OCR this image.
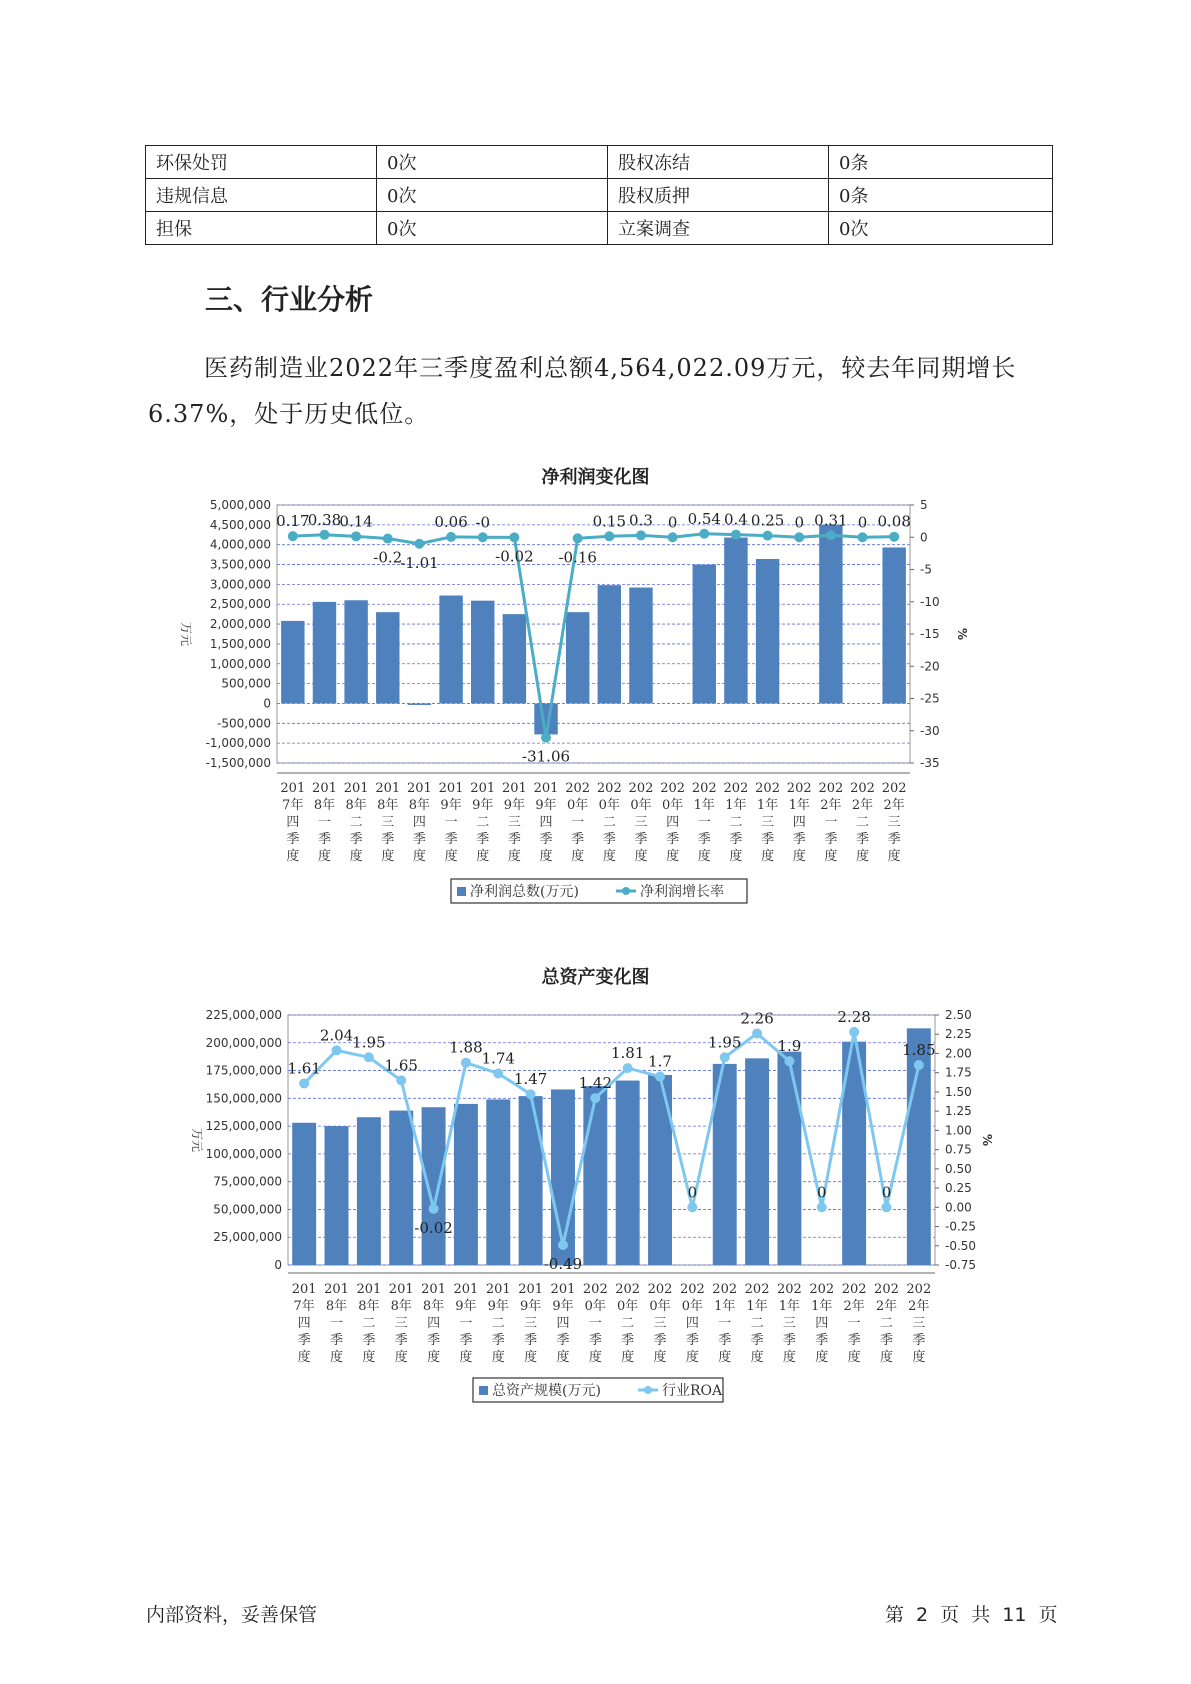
环保处罚	0次	股权冻结	0条
违规信息	0次	股权质押	0条
担保	0次	立案调查	0次
三、行业分析
医药制造业2022年三季度盈利总额4,564,022.09万元，较去年同期增长6.37%，处于历史低位。
净利润变化图
5,000,000
4,500,000
4,000,000
3,500,000
3,000,000
2,500,000
2,000,000
1,500,000
1,000,000
500,000
0
-500,000
-1,000,000
-1,500,000
5
0
-5
-10
-15
-20
-25
-30
-35
万元	%
0.17
0.38
0.14
-0.2
-1.01
0.06 -0
-0.02
-31.06
-0.16
0.15 0.3 0 0.54 0.4 0.25 0 0.31 0 0.08
201
7年
四
季
度
201
8年
一
季
度
201
8年
二
季
度
201
8年
三
季
度
201
8年
四
季
度
201
9年
一
季
度
201
9年
二
季
度
201
9年
三
季
度
201
9年
四
季
度
202
0年
一
季
度
202
0年
二
季
度
202
0年
三
季
度
202
0年
四
季
度
202
1年
一
季
度
202
1年
二
季
度
202
1年
三
季
度
202
1年
四
季
度
202
2年
一
季
度
202
2年
二
季
度
202
2年
三
季
度
净利润总数(万元)	净利润增长率
总资产变化图
225,000,000
200,000,000
175,000,000
150,000,000
125,000,000
100,000,000
75,000,000
50,000,000
25,000,000
0
2.50
2.25
2.00
1.75
1.50
1.25
1.00
0.75
0.50
0.25
0.00
-0.25
-0.50
-0.75
万元	%
1.61
2.04
1.95
1.65
-0.02
1.88
1.74
1.47
-0.49
1.42
1.81 1.7
0
1.95
2.26
1.9
0
2.28
0
1.85
201
7年
四
季
度
201
8年
一
季
度
201
8年
二
季
度
201
8年
三
季
度
201
8年
四
季
度
201
9年
一
季
度
201
9年
二
季
度
201
9年
三
季
度
201
9年
四
季
度
202
0年
一
季
度
202
0年
二
季
度
202
0年
三
季
度
202
0年
四
季
度
202
1年
一
季
度
202
1年
二
季
度
202
1年
三
季
度
202
1年
四
季
度
202
2年
一
季
度
202
2年
二
季
度
202
2年
三
季
度
总资产规模(万元)	行业ROA
内部资料，妥善保管	第 2 页 共 11 页
